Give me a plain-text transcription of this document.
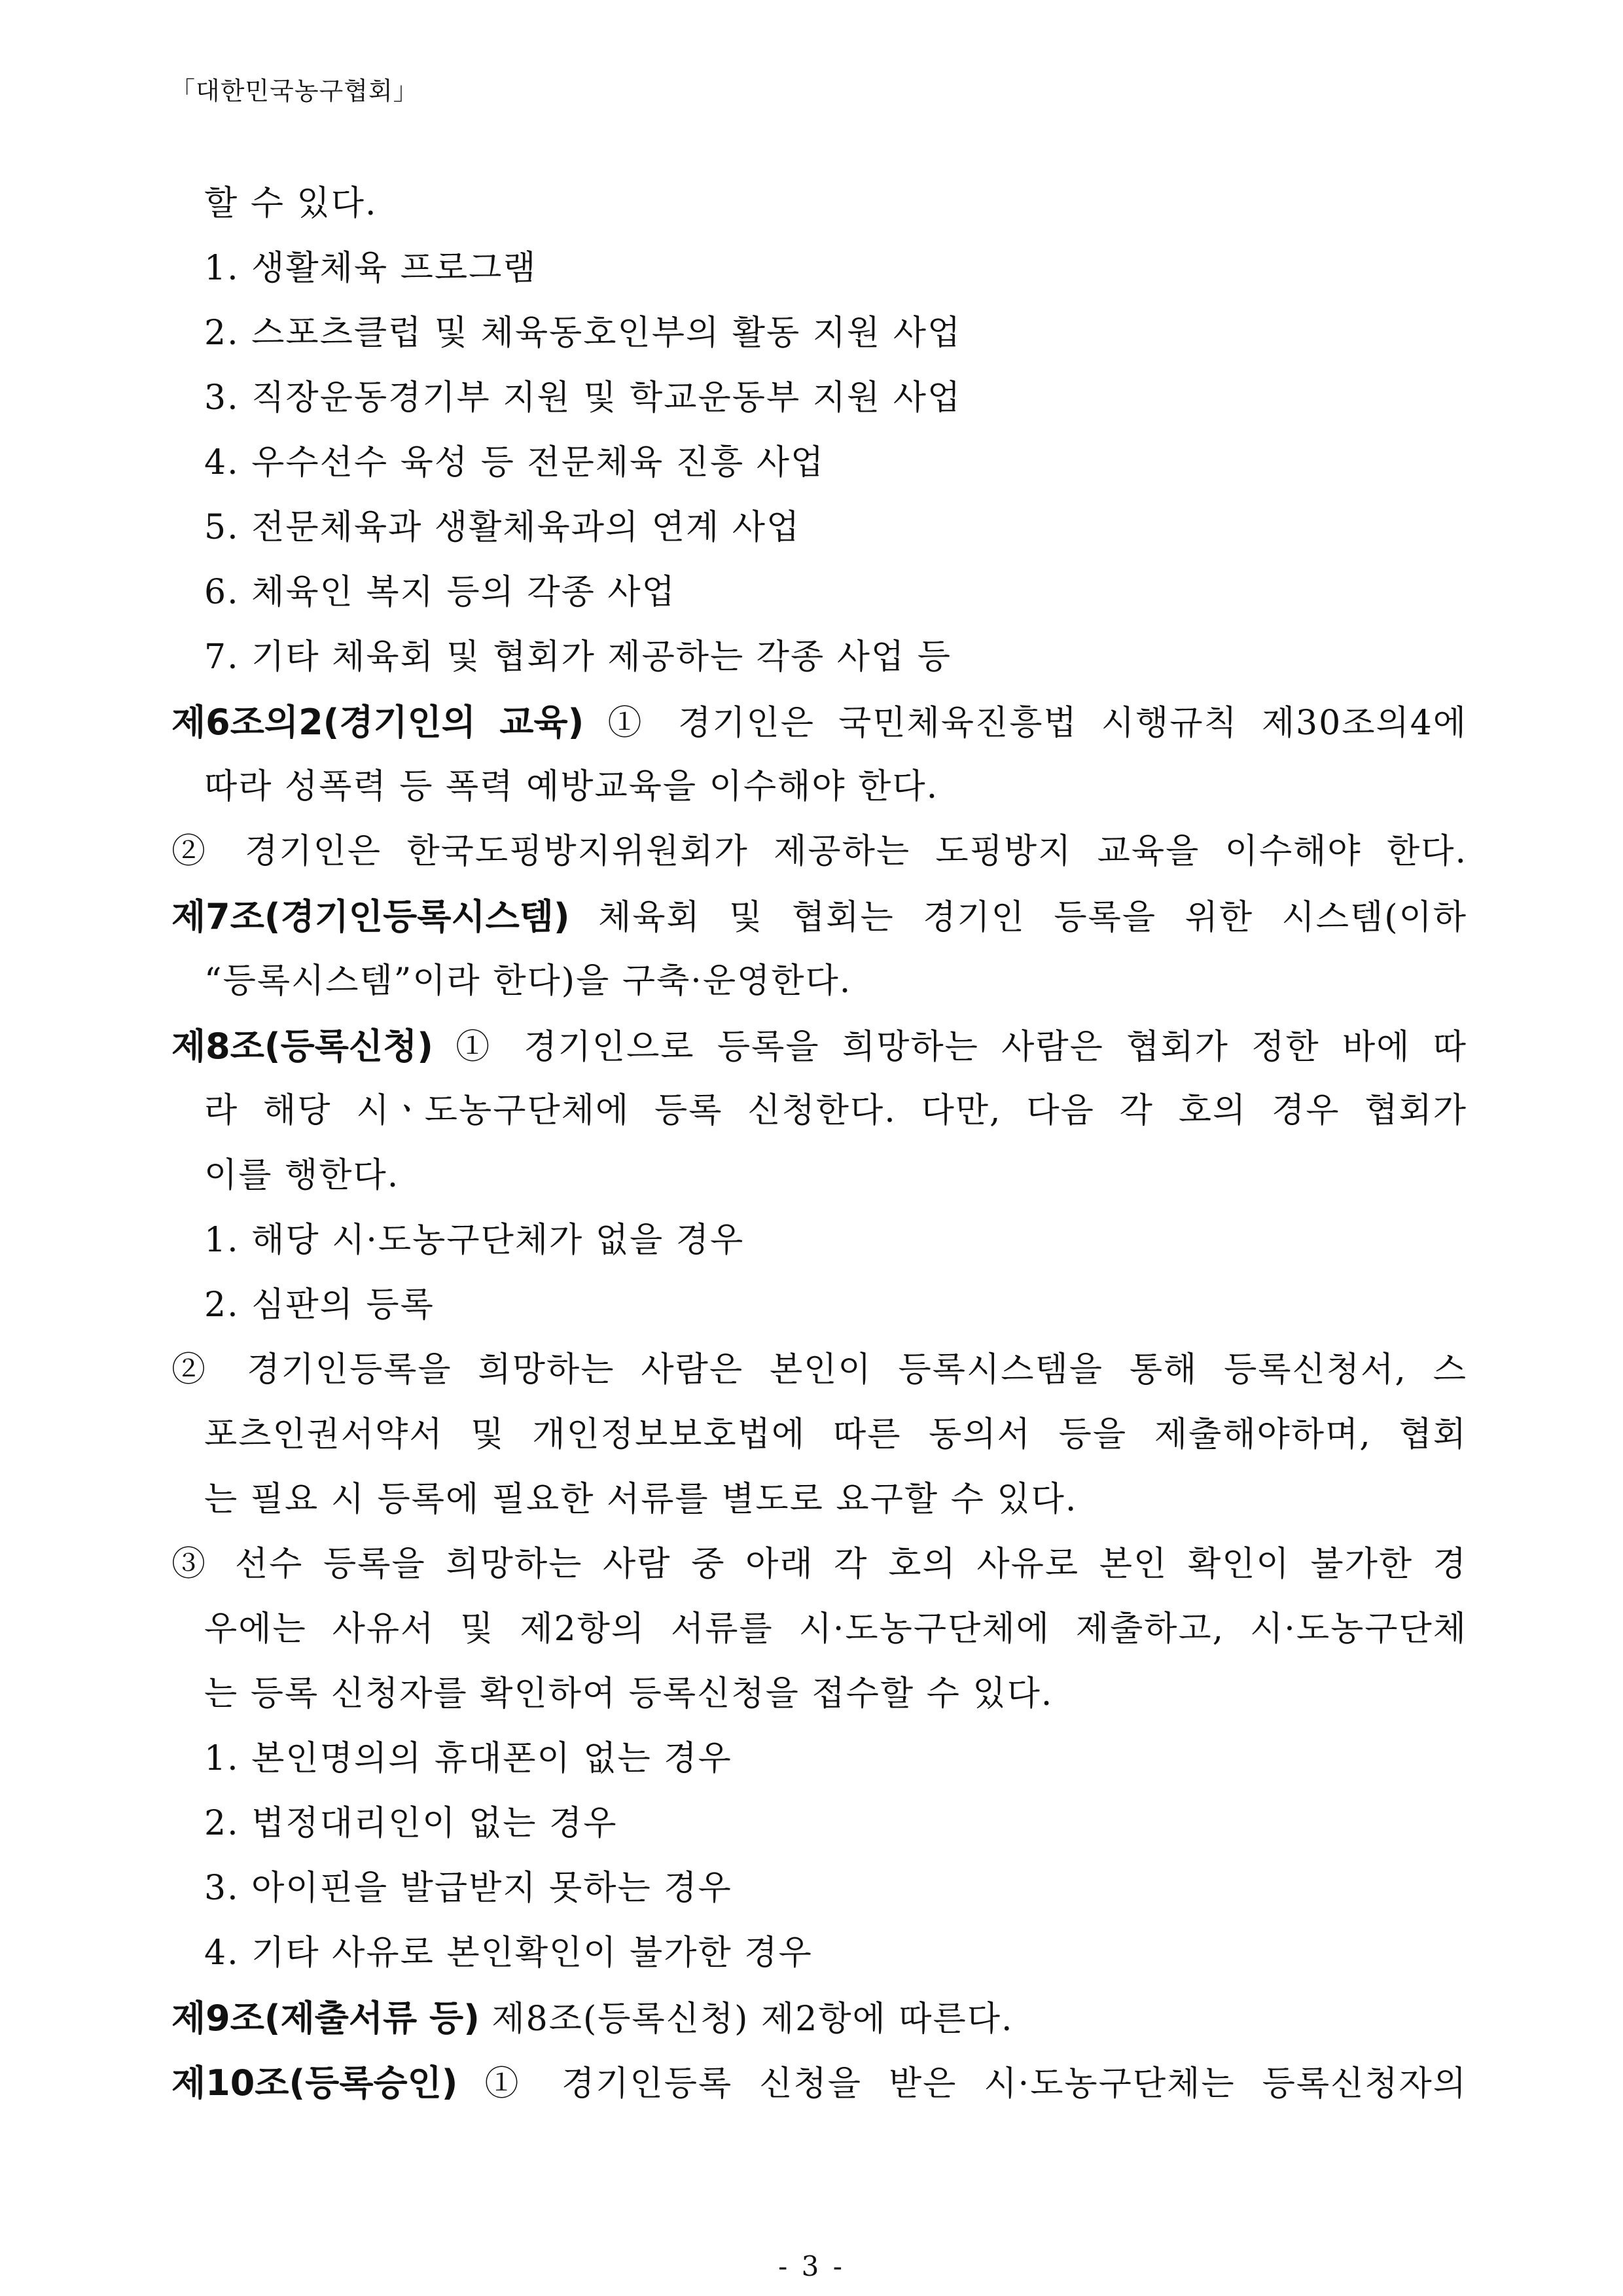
「대한민국농구협회」
할 수 있다.
1. 생활체육 프로그램
2. 스포츠클럽 및 체육동호인부의 활동 지원 사업
3. 직장운동경기부 지원 및 학교운동부 지원 사업
4. 우수선수 육성 등 전문체육 진흥 사업
5. 전문체육과 생활체육과의 연계 사업
6. 체육인 복지 등의 각종 사업
7. 기타 체육회 및 협회가 제공하는 각종 사업 등
제6조의2(경기인의 교육) ① 경기인은 국민체육진흥법 시행규칙 제30조의4에
따라 성폭력 등 폭력 예방교육을 이수해야 한다.
② 경기인은 한국도핑방지위원회가 제공하는 도핑방지 교육을 이수해야 한다.
제7조(경기인등록시스템) 체육회 및 협회는 경기인 등록을 위한 시스템(이하
“등록시스템”이라 한다)을 구축·운영한다.
제8조(등록신청) ① 경기인으로 등록을 희망하는 사람은 협회가 정한 바에 따
라 해당 시ㆍ도농구단체에 등록 신청한다. 다만, 다음 각 호의 경우 협회가
이를 행한다.
1. 해당 시·도농구단체가 없을 경우
2. 심판의 등록
② 경기인등록을 희망하는 사람은 본인이 등록시스템을 통해 등록신청서, 스
포츠인권서약서 및 개인정보보호법에 따른 동의서 등을 제출해야하며, 협회
는 필요 시 등록에 필요한 서류를 별도로 요구할 수 있다.
③ 선수 등록을 희망하는 사람 중 아래 각 호의 사유로 본인 확인이 불가한 경
우에는 사유서 및 제2항의 서류를 시·도농구단체에 제출하고, 시·도농구단체
는 등록 신청자를 확인하여 등록신청을 접수할 수 있다.
1. 본인명의의 휴대폰이 없는 경우
2. 법정대리인이 없는 경우
3. 아이핀을 발급받지 못하는 경우
4. 기타 사유로 본인확인이 불가한 경우
제9조(제출서류 등) 제8조(등록신청) 제2항에 따른다.
제10조(등록승인) ① 경기인등록 신청을 받은 시·도농구단체는 등록신청자의
- 3 -
